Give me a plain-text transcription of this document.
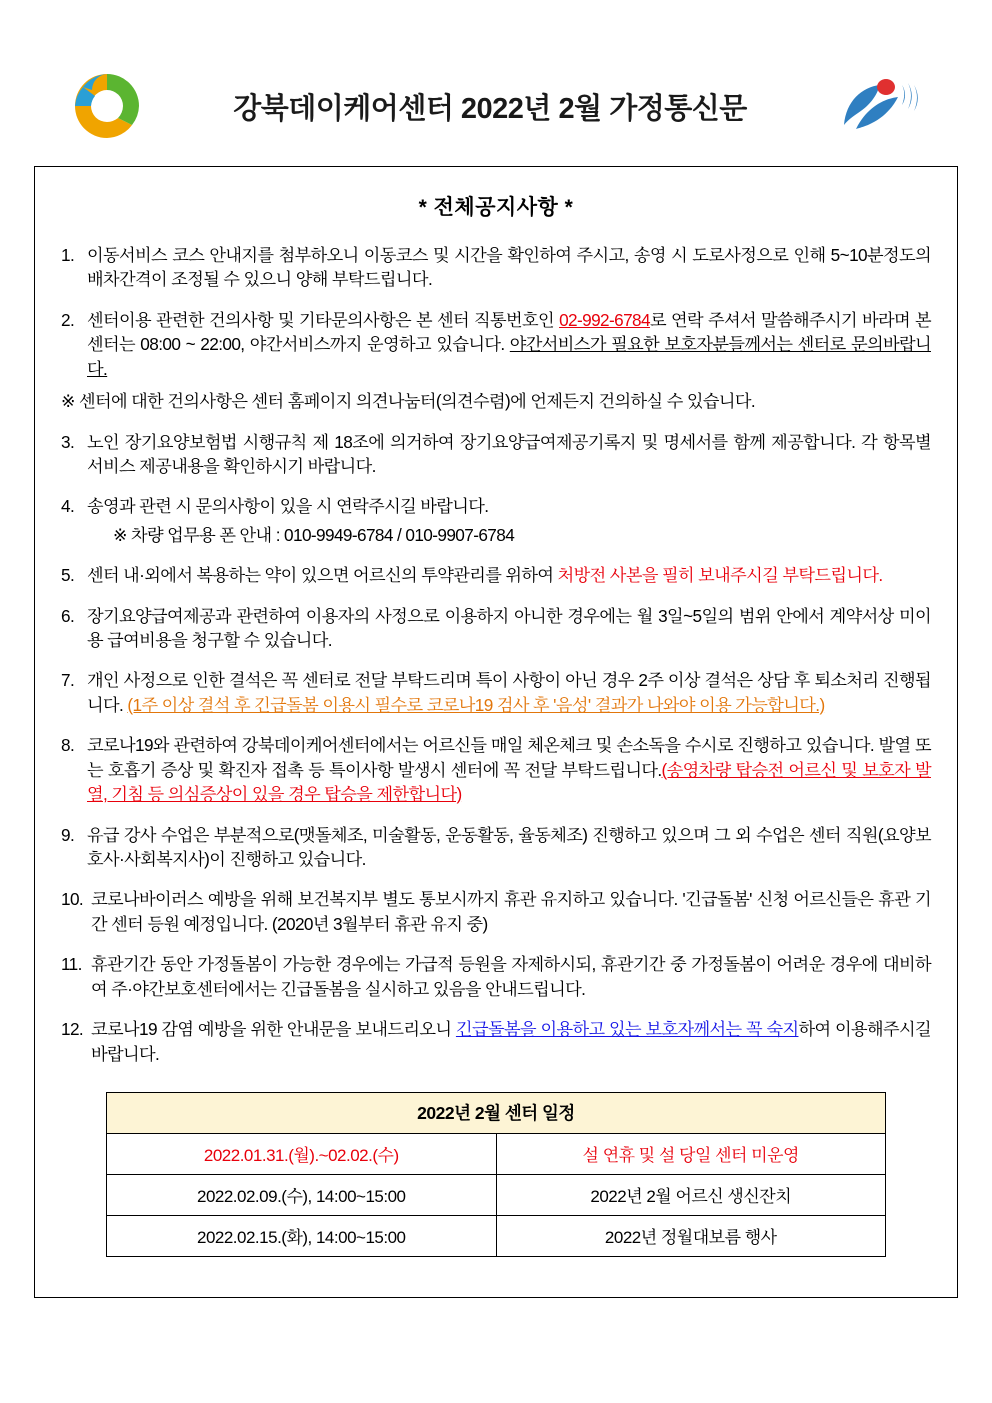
강북데이케어센터 2022년 2월 가정통신문
* 전체공지사항 *
1. 이동서비스 코스 안내지를 첨부하오니 이동코스 및 시간을 확인하여 주시고, 송영 시 도로사정으로 인해 5~10분정도의 배차간격이 조정될 수 있으니 양해 부탁드립니다.
2. 센터이용 관련한 건의사항 및 기타문의사항은 본 센터 직통번호인 02-992-6784로 연락 주셔서 말씀해주시기 바라며 본 센터는 08:00 ~ 22:00, 야간서비스까지 운영하고 있습니다. 야간서비스가 필요한 보호자분들께서는 센터로 문의바랍니다.
※ 센터에 대한 건의사항은 센터 홈페이지 의견나눔터(의견수렴)에 언제든지 건의하실 수 있습니다.
3. 노인 장기요양보험법 시행규칙 제 18조에 의거하여 장기요양급여제공기록지 및 명세서를 함께 제공합니다. 각 항목별 서비스 제공내용을 확인하시기 바랍니다.
4. 송영과 관련 시 문의사항이 있을 시 연락주시길 바랍니다.
※ 차량 업무용 폰 안내 : 010-9949-6784 / 010-9907-6784
5. 센터 내·외에서 복용하는 약이 있으면 어르신의 투약관리를 위하여 처방전 사본을 필히 보내주시길 부탁드립니다.
6. 장기요양급여제공과 관련하여 이용자의 사정으로 이용하지 아니한 경우에는 월 3일~5일의 범위 안에서 계약서상 미이용 급여비용을 청구할 수 있습니다.
7. 개인 사정으로 인한 결석은 꼭 센터로 전달 부탁드리며 특이 사항이 아닌 경우 2주 이상 결석은 상담 후 퇴소처리 진행됩니다. (1주 이상 결석 후 긴급돌봄 이용시 필수로 코로나19 검사 후 '음성' 결과가 나와야 이용 가능합니다.)
8. 코로나19와 관련하여 강북데이케어센터에서는 어르신들 매일 체온체크 및 손소독을 수시로 진행하고 있습니다. 발열 또는 호흡기 증상 및 확진자 접촉 등 특이사항 발생시 센터에 꼭 전달 부탁드립니다.(송영차량 탑승전 어르신 및 보호자 발열, 기침 등 의심증상이 있을 경우 탑승을 제한합니다)
9. 유급 강사 수업은 부분적으로(맷돌체조, 미술활동, 운동활동, 율동체조) 진행하고 있으며 그 외 수업은 센터 직원(요양보호사·사회복지사)이 진행하고 있습니다.
10. 코로나바이러스 예방을 위해 보건복지부 별도 통보시까지 휴관 유지하고 있습니다. '긴급돌봄' 신청 어르신들은 휴관 기간 센터 등원 예정입니다. (2020년 3월부터 휴관 유지 중)
11. 휴관기간 동안 가정돌봄이 가능한 경우에는 가급적 등원을 자제하시되, 휴관기간 중 가정돌봄이 어려운 경우에 대비하여 주·야간보호센터에서는 긴급돌봄을 실시하고 있음을 안내드립니다.
12. 코로나19 감염 예방을 위한 안내문을 보내드리오니 긴급돌봄을 이용하고 있는 보호자께서는 꼭 숙지하여 이용해주시길 바랍니다.
2022년 2월 센터 일정	
2022.01.31.(월).~02.02.(수)	설 연휴 및 설 당일 센터 미운영
2022.02.09.(수), 14:00~15:00	2022년 2월 어르신 생신잔치
2022.02.15.(화), 14:00~15:00	2022년 정월대보름 행사
